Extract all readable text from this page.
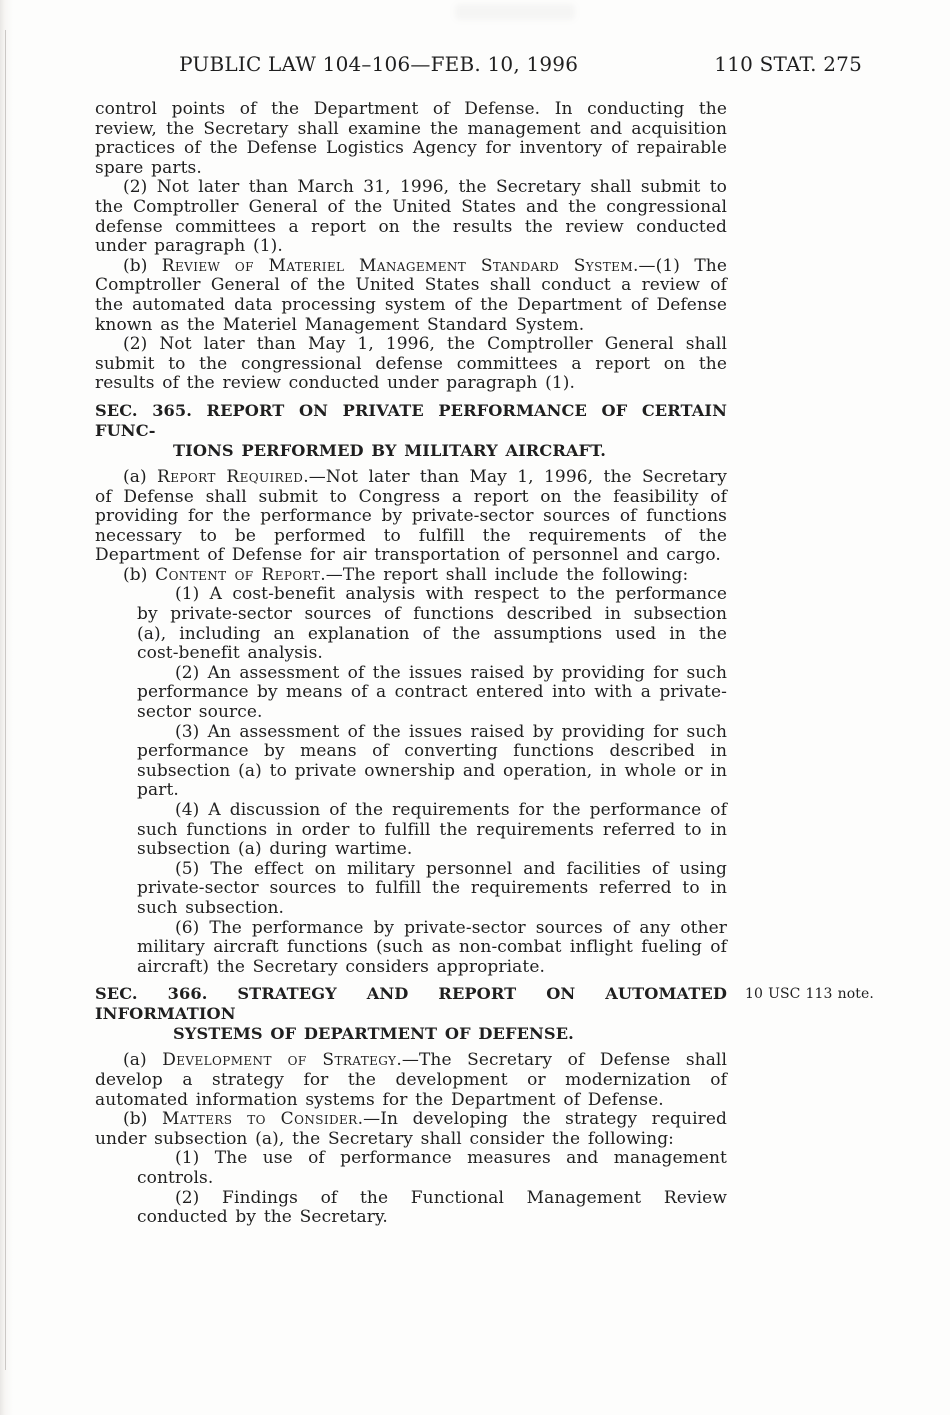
PUBLIC LAW 104–106—FEB. 10, 1996	110 STAT. 275

control points of the Department of Defense. In conducting the review, the Secretary shall examine the management and acquisition practices of the Defense Logistics Agency for inventory of repairable spare parts.

(2) Not later than March 31, 1996, the Secretary shall submit to the Comptroller General of the United States and the congressional defense committees a report on the results the review conducted under paragraph (1).

(b) Review of Materiel Management Standard System.—(1) The Comptroller General of the United States shall conduct a review of the automated data processing system of the Department of Defense known as the Materiel Management Standard System.

(2) Not later than May 1, 1996, the Comptroller General shall submit to the congressional defense committees a report on the results of the review conducted under paragraph (1).

SEC. 365. REPORT ON PRIVATE PERFORMANCE OF CERTAIN FUNC-
TIONS PERFORMED BY MILITARY AIRCRAFT.

(a) Report Required.—Not later than May 1, 1996, the Secretary of Defense shall submit to Congress a report on the feasibility of providing for the performance by private-sector sources of functions necessary to be performed to fulfill the requirements of the Department of Defense for air transportation of personnel and cargo.

(b) Content of Report.—The report shall include the following:

(1) A cost-benefit analysis with respect to the performance by private-sector sources of functions described in subsection (a), including an explanation of the assumptions used in the cost-benefit analysis.

(2) An assessment of the issues raised by providing for such performance by means of a contract entered into with a private-sector source.

(3) An assessment of the issues raised by providing for such performance by means of converting functions described in subsection (a) to private ownership and operation, in whole or in part.

(4) A discussion of the requirements for the performance of such functions in order to fulfill the requirements referred to in subsection (a) during wartime.

(5) The effect on military personnel and facilities of using private-sector sources to fulfill the requirements referred to in such subsection.

(6) The performance by private-sector sources of any other military aircraft functions (such as non-combat inflight fueling of aircraft) the Secretary considers appropriate.

SEC. 366. STRATEGY AND REPORT ON AUTOMATED INFORMATION
SYSTEMS OF DEPARTMENT OF DEFENSE.
10 USC 113 note.

(a) Development of Strategy.—The Secretary of Defense shall develop a strategy for the development or modernization of automated information systems for the Department of Defense.

(b) Matters to Consider.—In developing the strategy required under subsection (a), the Secretary shall consider the following:

(1) The use of performance measures and management controls.

(2) Findings of the Functional Management Review conducted by the Secretary.
